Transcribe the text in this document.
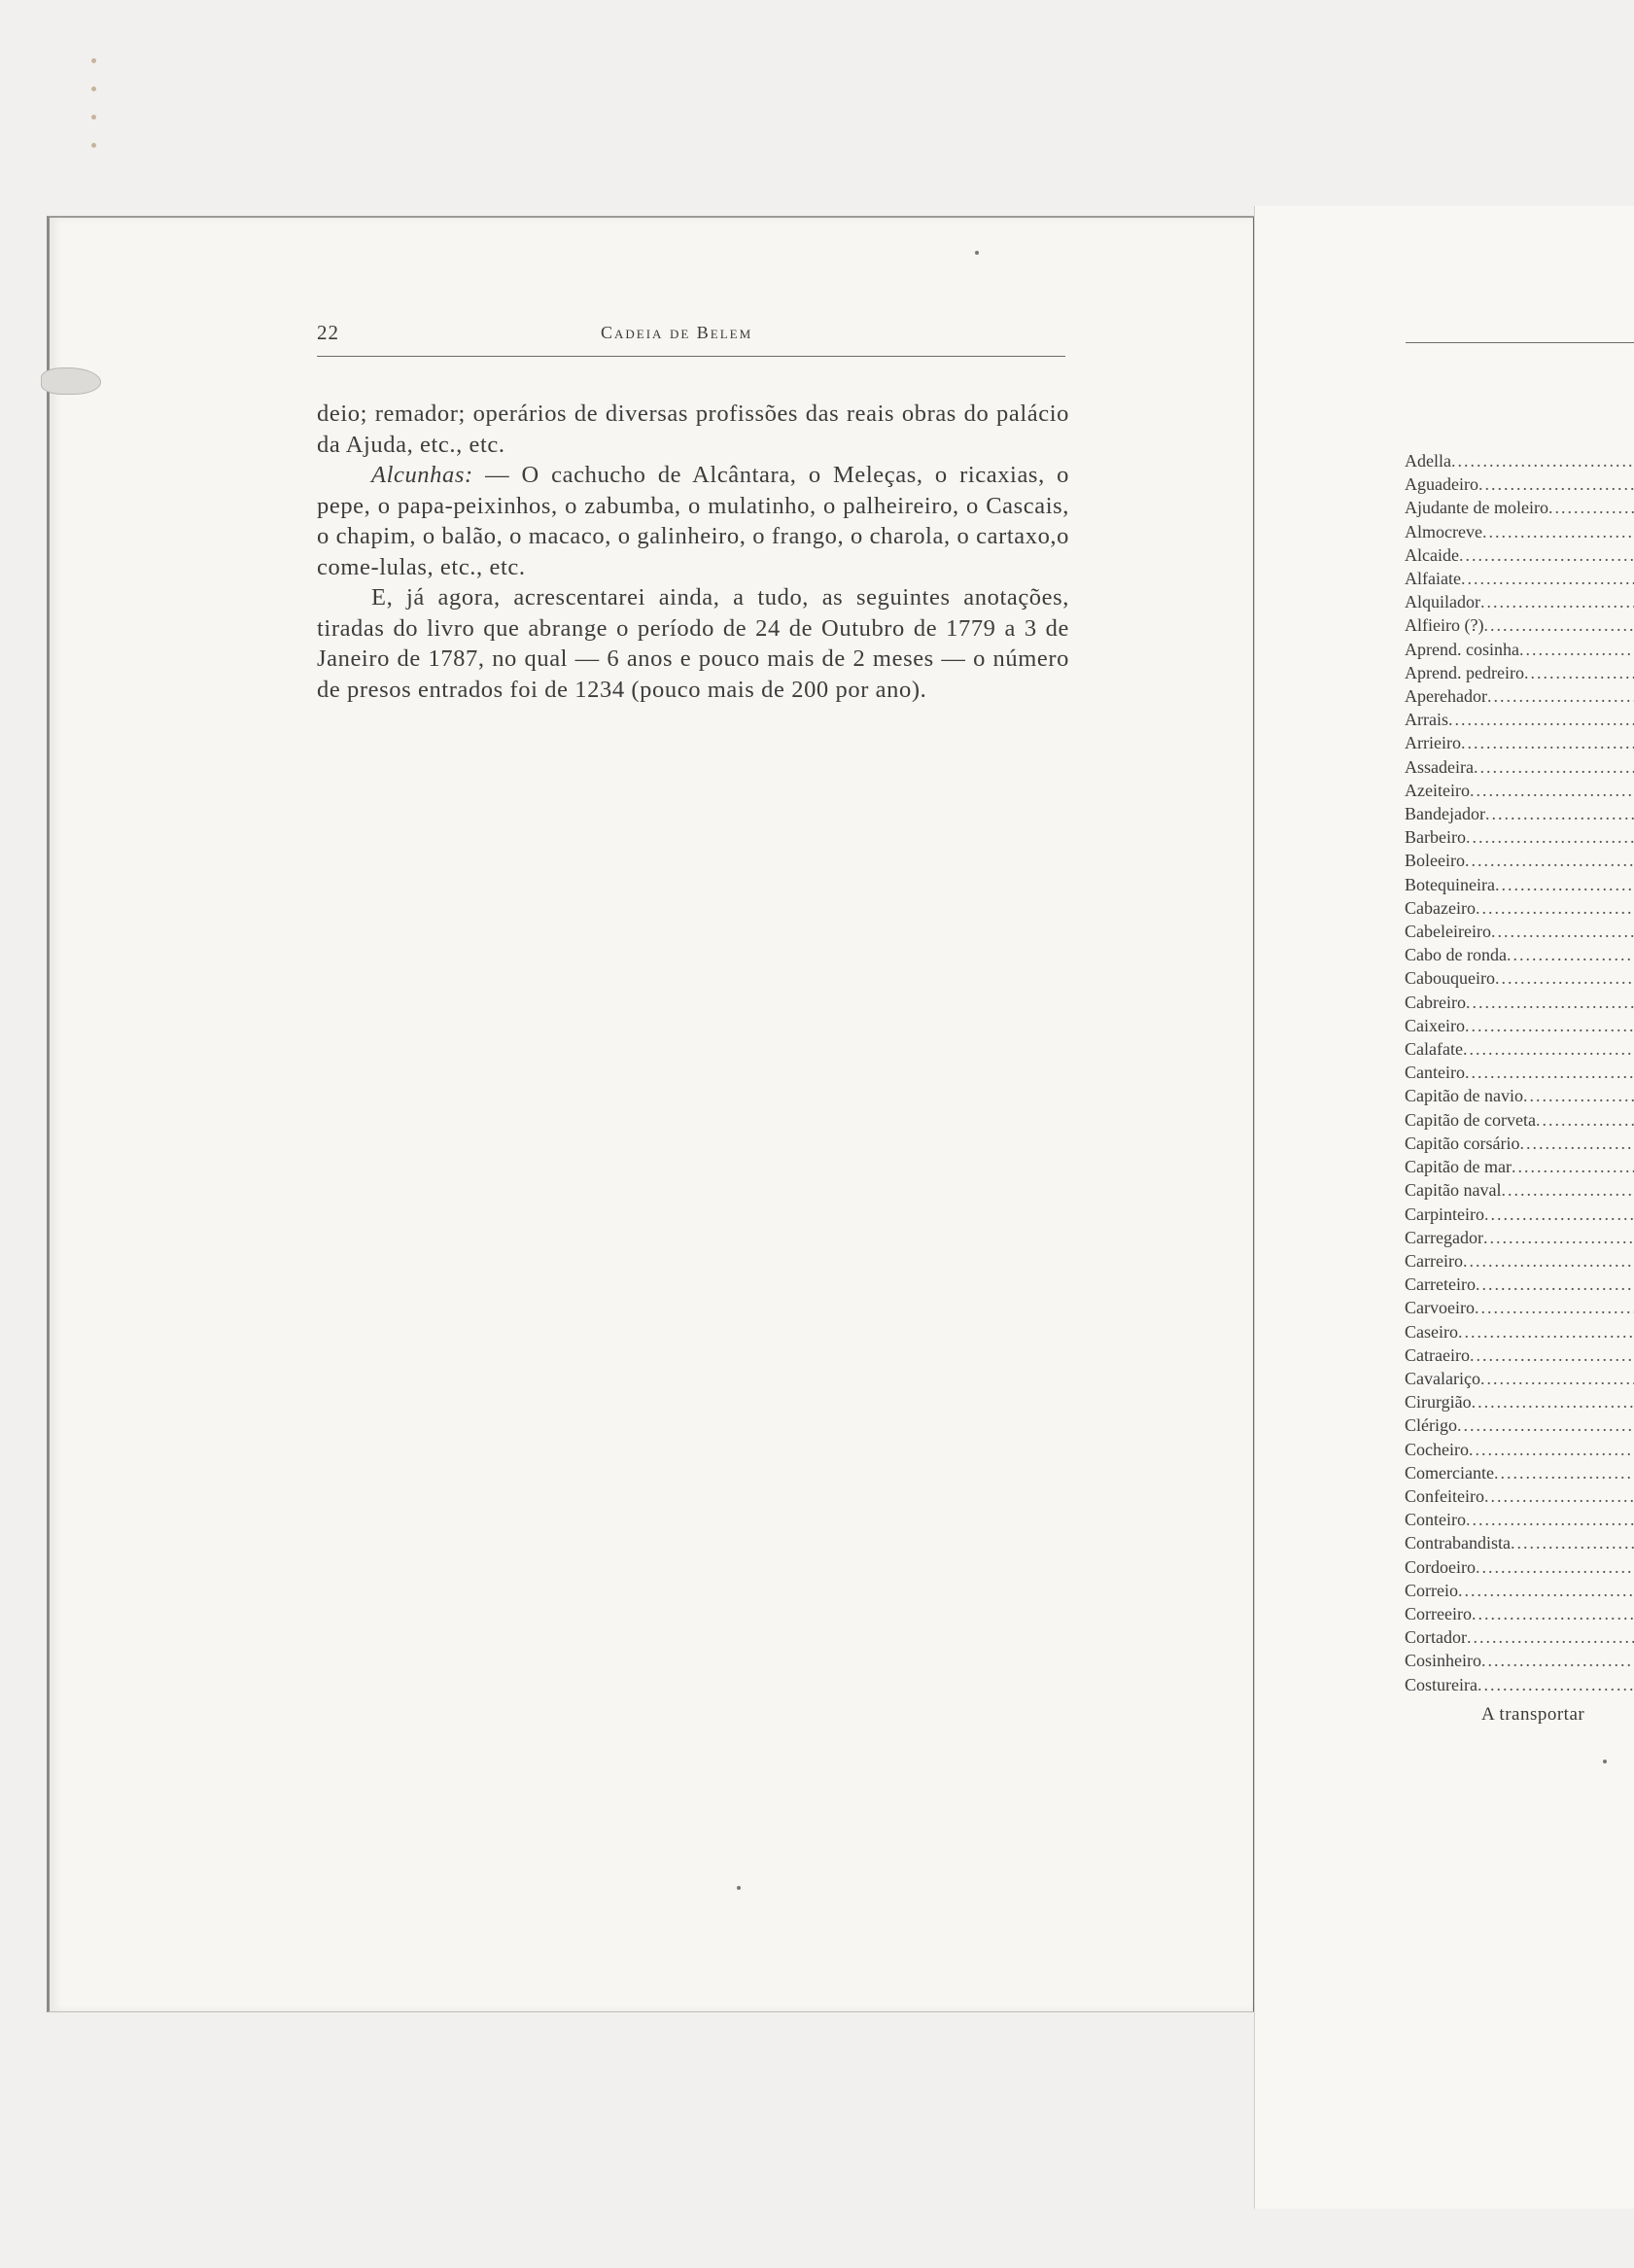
22	Cadeia de Belem

deio; remador; operários de diversas profissões das reais obras do palácio da Ajuda, etc., etc.

Alcunhas: — O cachucho de Alcântara, o Meleças, o ricaxias, o pepe, o papa-peixinhos, o zabumba, o mulatinho, o palheireiro, o Cascais, o chapim, o balão, o macaco, o galinheiro, o frango, o charola, o cartaxo,o come-lulas, etc., etc.

E, já agora, acrescentarei ainda, a tudo, as seguintes anotações, tiradas do livro que abrange o período de 24 de Outubro de 1779 a 3 de Janeiro de 1787, no qual — 6 anos e pouco mais de 2 meses — o número de presos entrados foi de 1234 (pouco mais de 200 por ano).

Adella
.....
Aguadeiro
.....
Ajudante de moleiro
.....
Almocreve
.....
Alcaide
.....
Alfaiate
.....
Alquilador
.....
Alfieiro (?)
.....
Aprend. cosinha
.....
Aprend. pedreiro
.....
Aperehador
.....
Arrais
.....
Arrieiro
.....
Assadeira
.....
Azeiteiro
.....
Bandejador
.....
Barbeiro
.....
Boleeiro
.....
Botequineira
.....
Cabazeiro
.....
Cabeleireiro
.....
Cabo de ronda
.....
Cabouqueiro
.....
Cabreiro
.....
Caixeiro
.....
Calafate
.....
Canteiro
.....
Capitão de navio
.....
Capitão de corveta
.....
Capitão corsário
.....
Capitão de mar
.....
Capitão naval
.....
Carpinteiro
.....
Carregador
.....
Carreiro
.....
Carreteiro
.....
Carvoeiro
.....
Caseiro
.....
Catraeiro
.....
Cavalariço
.....
Cirurgião
.....
Clérigo
.....
Cocheiro
.....
Comerciante
.....
Confeiteiro
.....
Conteiro
.....
Contrabandista
.....
Cordoeiro
.....
Correio
.....
Correeiro
.....
Cortador
.....
Cosinheiro
.....
Costureira
.....
A transportar
